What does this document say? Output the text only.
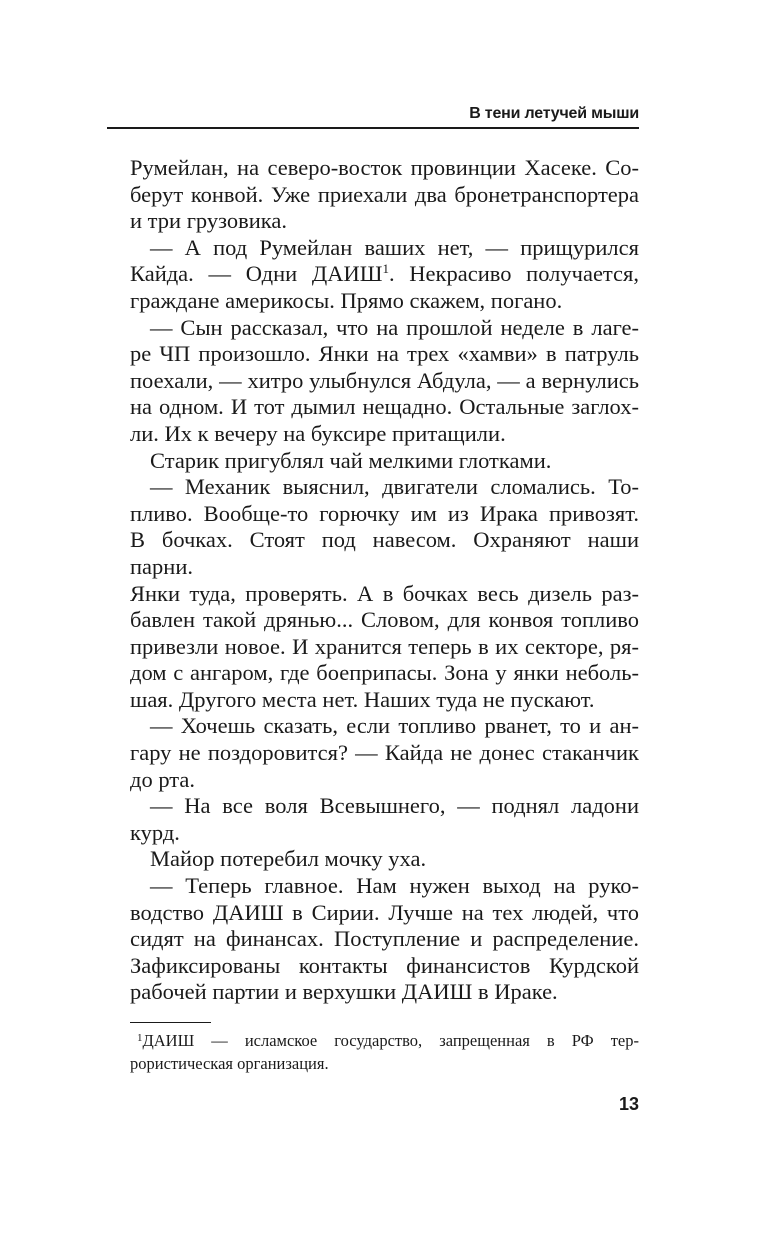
В тени летучей мыши

Румейлан, на северо-восток провинции Хасеке. Со- берут конвой. Уже приехали два бронетранспортера

и три грузовика.

— А под Румейлан ваших нет, — прищурился

Кайда. — Одни ДАИШ$^1$. Некрасиво получается,

граждане америкосы. Прямо скажем, погано.

— Сын рассказал, что на прошлой неделе в лаге-

ре ЧП произошло. Янки на трех «хамви» в патруль

поехали, — хитро улыбнулся Абдула, — а вернулись

на одном. И тот дымил нещадно. Остальные заглох-

ли. Их к вечеру на буксире притащили.

Старик пригублял чай мелкими глотками.

— Механик выяснил, двигатели сломались. То-

пливо. Вообще-то горючку им из Ирака привозят.

В бочках. Стоят под навесом. Охраняют наши парни.

Янки туда, проверять. А в бочках весь дизель раз-

бавлен такой дрянью... Словом, для конвоя топливо

привезли новое. И хранится теперь в их секторе, ря-

дом с ангаром, где боеприпасы. Зона у янки неболь-

шая. Другого места нет. Наших туда не пускают.

— Хочешь сказать, если топливо рванет, то и ан-

гару не поздоровится? — Кайда не донес стаканчик

до рта.

— На все воля Всевышнего, — поднял ладони

курд.

Майор потеребил мочку уха.

— Теперь главное. Нам нужен выход на руко-

водство ДАИШ в Сирии. Лучше на тех людей, что

сидят на финансах. Поступление и распределение.

Зафиксированы контакты финансистов Курдской

рабочей партии и верхушки ДАИШ в Ираке.

$^1$ДАИШ — исламское государство, запрещенная в РФ тер-
рористическая организация.

13
